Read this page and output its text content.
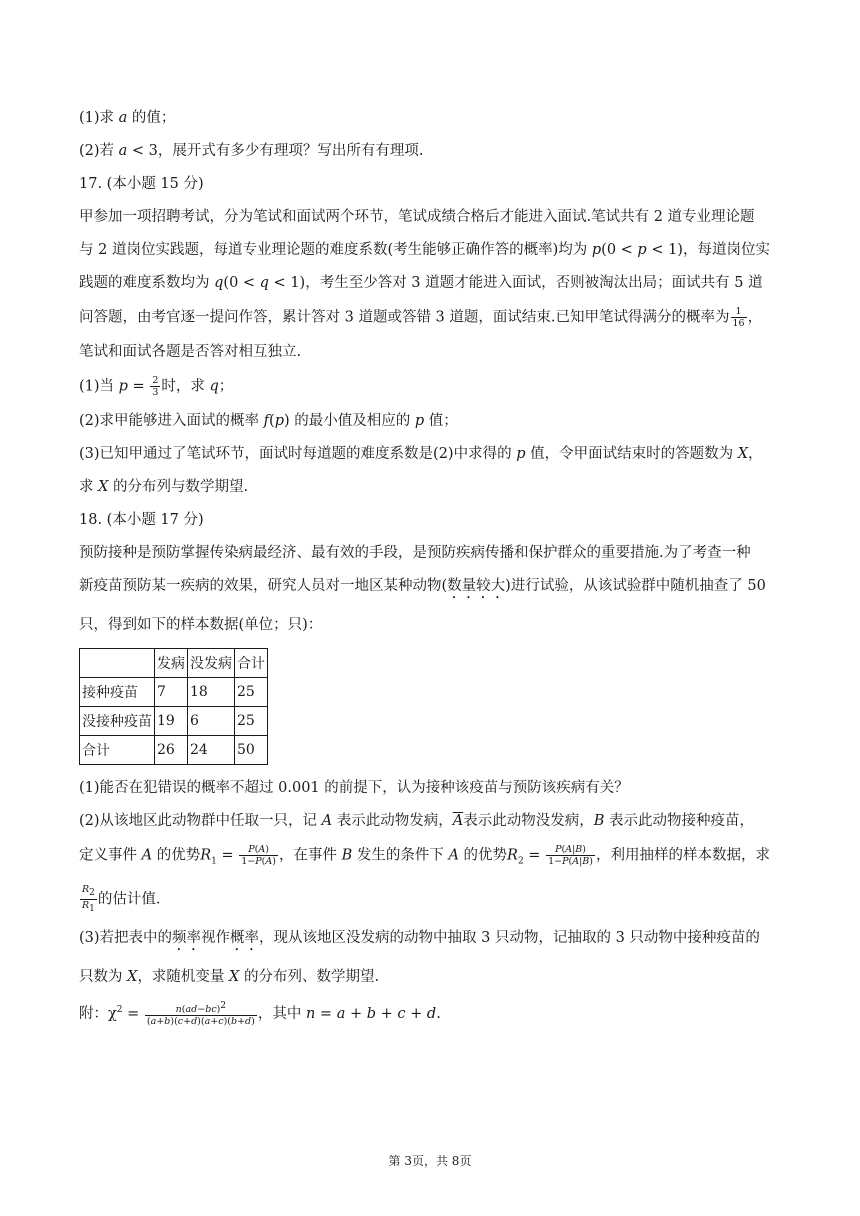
(1)求 a 的值；
(2)若 a < 3，展开式有多少有理项？写出所有有理项.
17. (本小题 15 分)
甲参加一项招聘考试，分为笔试和面试两个环节，笔试成绩合格后才能进入面试.笔试共有 2 道专业理论题
与 2 道岗位实践题，每道专业理论题的难度系数(考生能够正确作答的概率)均为 p(0 < p < 1)，每道岗位实
践题的难度系数均为 q(0 < q < 1)，考生至少答对 3 道题才能进入面试，否则被淘汰出局；面试共有 5 道
问答题，由考官逐一提问作答，累计答对 3 道题或答错 3 道题，面试结束.已知甲笔试得满分的概率为 $\frac{1}{16}$ ，
笔试和面试各题是否答对相互独立.
(1)当 $p = \frac{2}{3}$ 时，求 q；
(2)求甲能够进入面试的概率 f(p) 的最小值及相应的 p 值；
(3)已知甲通过了笔试环节，面试时每道题的难度系数是(2)中求得的 p 值，令甲面试结束时的答题数为 X，
求 X 的分布列与数学期望.
18. (本小题 17 分)
预防接种是预防掌握传染病最经济、最有效的手段，是预防疾病传播和保护群众的重要措施.为了考查一种
新疫苗预防某一疾病的效果，研究人员对一地区某种动物(数量较大)进行试验，从该试验群中随机抽查了 50
只，得到如下的样本数据(单位；只)：
	发病	没发病	合计
接种疫苗	7	18	25
没接种疫苗	19	6	25
合计	26	24	50
(1)能否在犯错误的概率不超过 0.001 的前提下，认为接种该疫苗与预防该疾病有关？
(2)从该地区此动物群中任取一只，记 A 表示此动物发病，$\overline{A}$表示此动物没发病，B 表示此动物接种疫苗，
定义事件 A 的优势$R_1 = \frac{P(A)}{1-P(A)}$ ，在事件 B 发生的条件下 A 的优势$R_2 = \frac{P(A|B)}{1-P(A|B)}$ ，利用抽样的样本数据，求
$\frac{R_2}{R_1}$ 的估计值.
(3)若把表中的频率视作概率，现从该地区没发病的动物中抽取 3 只动物，记抽取的 3 只动物中接种疫苗的
只数为 X，求随机变量 X 的分布列、数学期望.
附：$\chi^2 = \frac{n(ad-bc)^2}{(a+b)(c+d)(a+c)(b+d)}$ ，其中 n = a + b + c + d.
第 3页，共 8页
